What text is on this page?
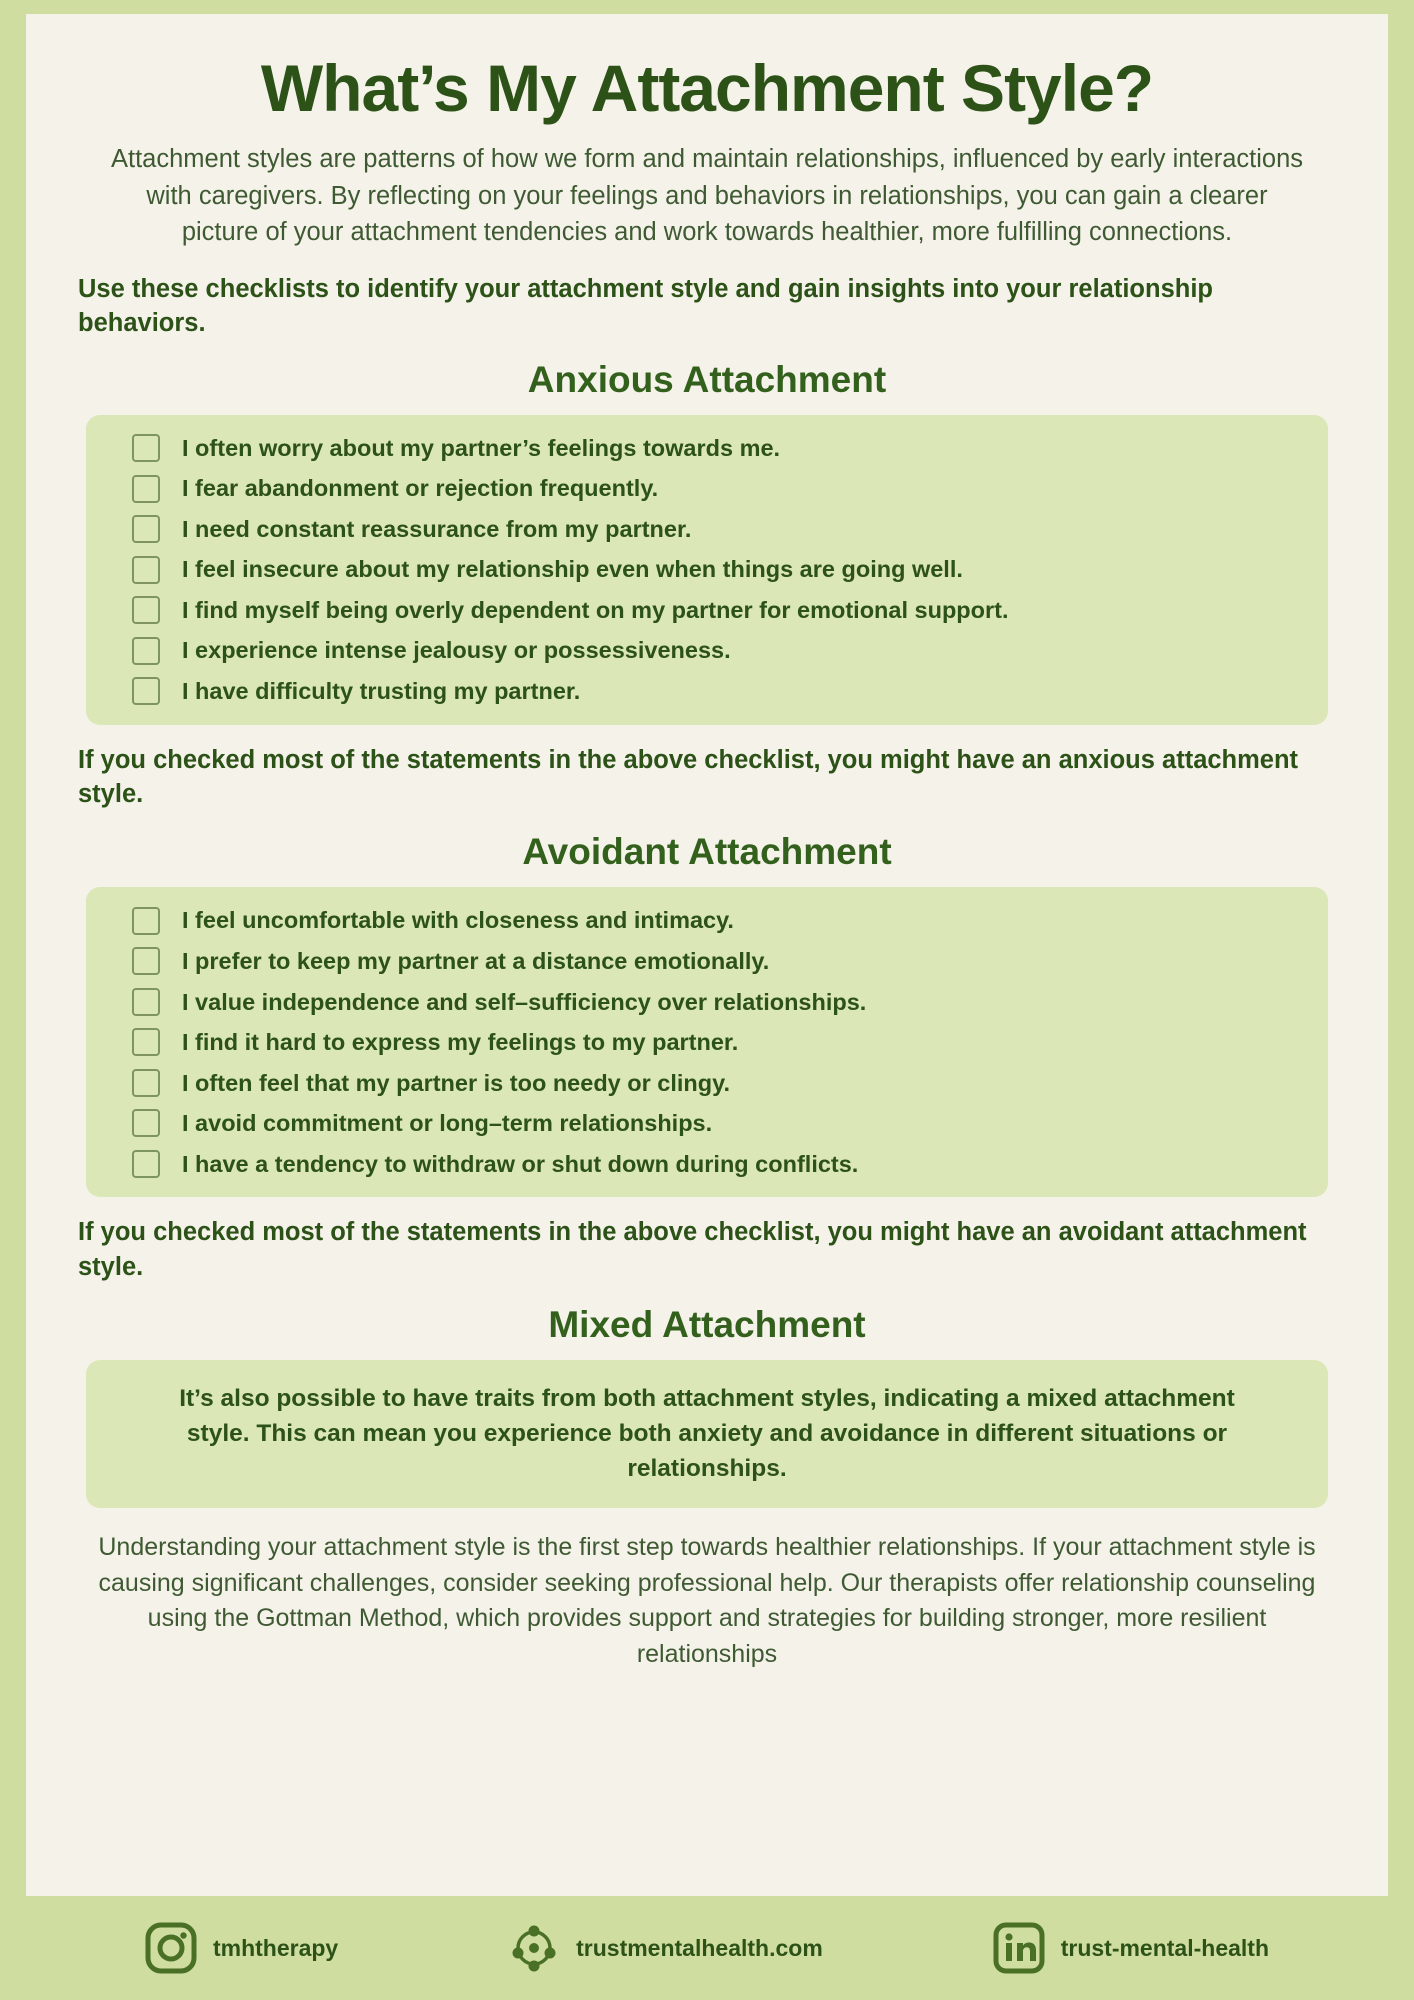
What’s My Attachment Style?

Attachment styles are patterns of how we form and maintain relationships, influenced by early interactions with caregivers. By reflecting on your feelings and behaviors in relationships, you can gain a clearer picture of your attachment tendencies and work towards healthier, more fulfilling connections.

Use these checklists to identify your attachment style and gain insights into your relationship behaviors.

Anxious Attachment
I often worry about my partner’s feelings towards me.
I fear abandonment or rejection frequently.
I need constant reassurance from my partner.
I feel insecure about my relationship even when things are going well.
I find myself being overly dependent on my partner for emotional support.
I experience intense jealousy or possessiveness.
I have difficulty trusting my partner.

If you checked most of the statements in the above checklist, you might have an anxious attachment style.

Avoidant Attachment
I feel uncomfortable with closeness and intimacy.
I prefer to keep my partner at a distance emotionally.
I value independence and self–sufficiency over relationships.
I find it hard to express my feelings to my partner.
I often feel that my partner is too needy or clingy.
I avoid commitment or long–term relationships.
I have a tendency to withdraw or shut down during conflicts.

If you checked most of the statements in the above checklist, you might have an avoidant attachment style.

Mixed Attachment
It’s also possible to have traits from both attachment styles, indicating a mixed attachment style. This can mean you experience both anxiety and avoidance in different situations or relationships.

Understanding your attachment style is the first step towards healthier relationships. If your attachment style is causing significant challenges, consider seeking professional help. Our therapists offer relationship counseling using the Gottman Method, which provides support and strategies for building stronger, more resilient relationships

tmhtherapy	trustmentalhealth.com	trust-mental-health
